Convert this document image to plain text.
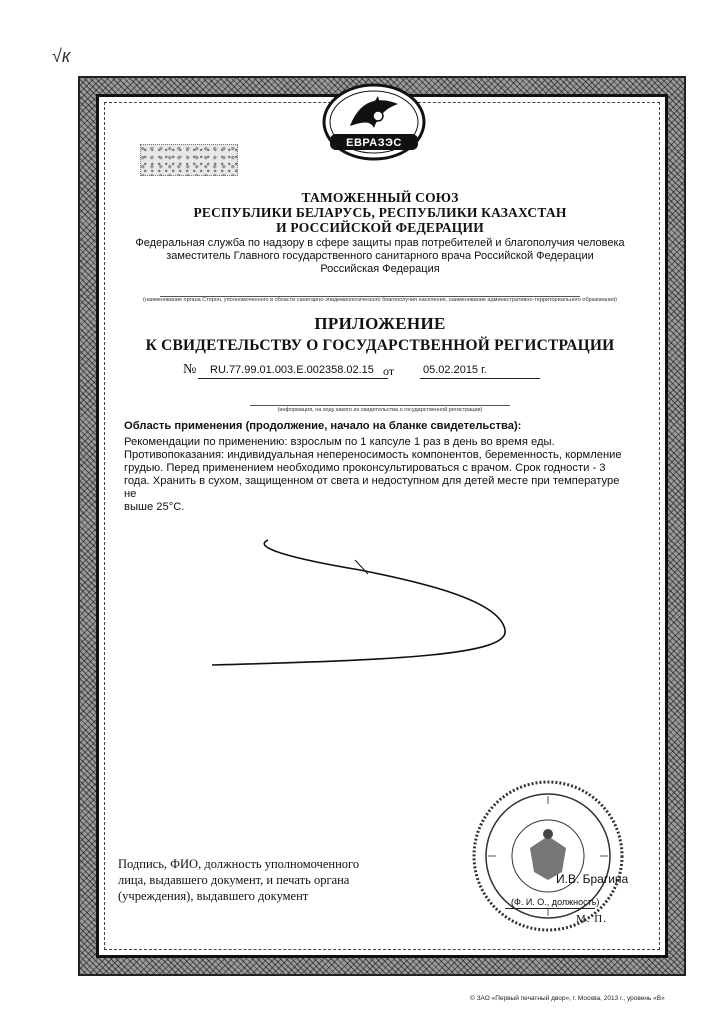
√к
ЕВРАЗЭС
ТАМОЖЕННЫЙ СОЮЗ
РЕСПУБЛИКИ БЕЛАРУСЬ, РЕСПУБЛИКИ КАЗАХСТАН
И РОССИЙСКОЙ ФЕДЕРАЦИИ
Федеральная служба по надзору в сфере защиты прав потребителей и благополучия человека
заместитель Главного государственного санитарного врача Российской Федерации
Российская Федерация
(наименование органа Сторон, уполномоченного в области санитарно-эпидемиологического благополучия населения, наименование административно-территориального образования)
ПРИЛОЖЕНИЕ
К СВИДЕТЕЛЬСТВУ О ГОСУДАРСТВЕННОЙ РЕГИСТРАЦИИ
№ RU.77.99.01.003.E.002358.02.15 от	05.02.2015 г.
(информация, на ходу какого из свидетельства о государственной регистрации)

Область применения (продолжение, начало на бланке свидетельства):

Рекомендации по применению: взрослым по 1 капсуле 1 раз в день во время еды.

Противопоказания: индивидуальная непереносимость компонентов, беременность, кормление

грудью. Перед применением необходимо проконсультироваться с врачом. Срок годности - 3

года. Хранить в сухом, защищенном от света и недоступном для детей месте при температуре не

выше 25°С.

Подпись, ФИО, должность уполномоченного
лица, выдавшего документ, и печать органа
(учреждения), выдавшего документ
И.В. Брагина
(Ф. И. О., должность)
М. П.
© ЗАО «Первый печатный двор», г. Москва, 2013 г., уровень «В»
